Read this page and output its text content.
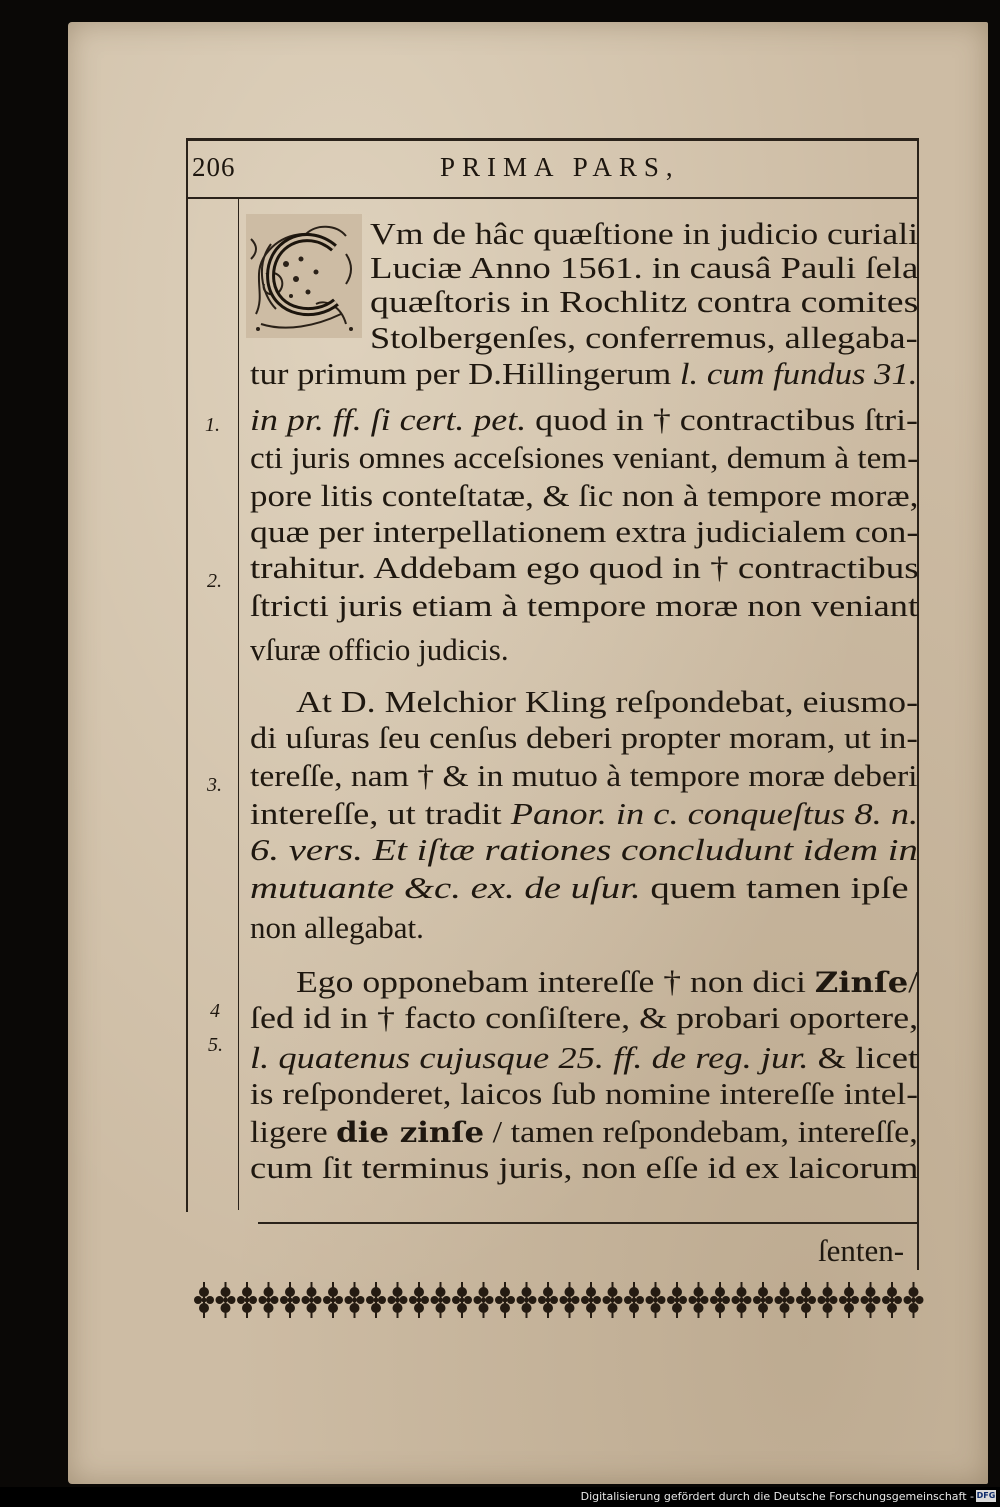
206	PRIMA PARS,
Vm de hâc quæſtione in judicio curiali
Luciæ Anno 1561. in causâ Pauli ſela
quæſtoris in Rochlitz contra comites
Stolbergenſes, conferremus, allegaba-
tur primum per D.Hillingerum l. cum fundus 31.
in pr. ff. ſi cert. pet. quod in † contractibus ſtri-
cti juris omnes acceſsiones veniant, demum à tem-
pore litis conteſtatæ, & ſic non à tempore moræ,
quæ per interpellationem extra judicialem con-
trahitur. Addebam ego quod in † contractibus
ſtricti juris etiam à tempore moræ non veniant
vſuræ officio judicis.
At D. Melchior Kling reſpondebat, eiusmo-
di uſuras ſeu cenſus deberi propter moram, ut in-
tereſſe, nam † & in mutuo à tempore moræ deberi
intereſſe, ut tradit Panor. in c. conqueſtus 8. n.
6. vers. Et iſtæ rationes concludunt idem in
mutuante &c. ex. de uſur. quem tamen ipſe
non allegabat.
Ego opponebam intereſſe † non dici Zinſe/
ſed id in † facto conſiſtere, & probari oportere,
l. quatenus cujusque 25. ff. de reg. jur. & licet
is reſponderet, laicos ſub nomine intereſſe intel-
ligere die zinſe / tamen reſpondebam, intereſſe,
cum ſit terminus juris, non eſſe id ex laicorum
1.
2.
3.
4
5.
ſenten-
Digitalisierung gefördert durch die Deutsche Forschungsgemeinschaft - DFG
